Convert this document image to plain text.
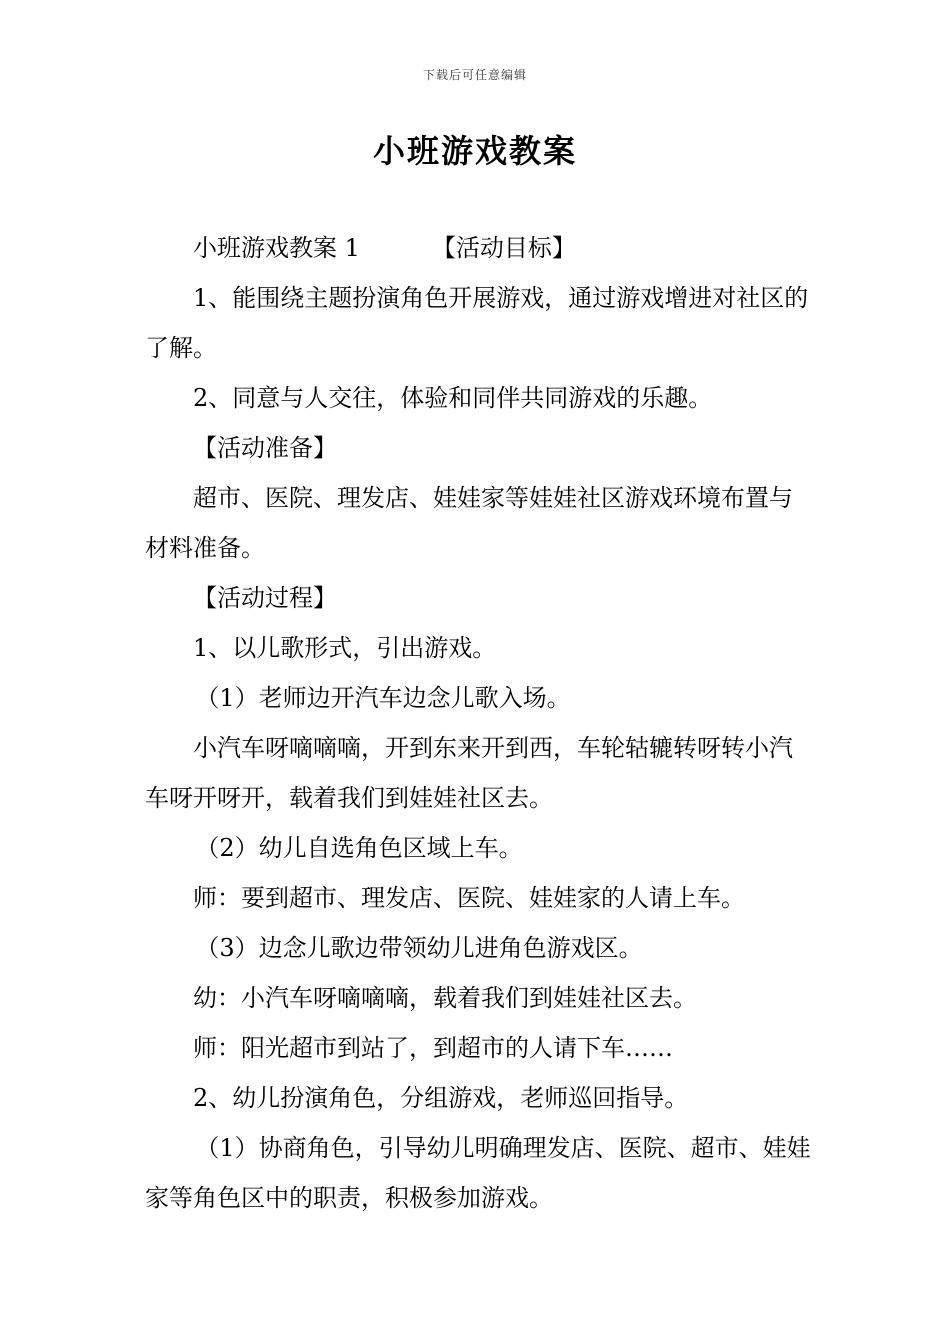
下载后可任意编辑
小班游戏教案

小班游戏教案 1	【活动目标】

1、能围绕主题扮演角色开展游戏，通过游戏增进对社区的了解。

2、同意与人交往，体验和同伴共同游戏的乐趣。

【活动准备】

超市、医院、理发店、娃娃家等娃娃社区游戏环境布置与材料准备。

【活动过程】

1、以儿歌形式，引出游戏。

（1）老师边开汽车边念儿歌入场。

小汽车呀嘀嘀嘀，开到东来开到西，车轮轱辘转呀转小汽车呀开呀开，载着我们到娃娃社区去。

（2）幼儿自选角色区域上车。

师：要到超市、理发店、医院、娃娃家的人请上车。

（3）边念儿歌边带领幼儿进角色游戏区。

幼：小汽车呀嘀嘀嘀，载着我们到娃娃社区去。

师：阳光超市到站了，到超市的人请下车……

2、幼儿扮演角色，分组游戏，老师巡回指导。

（1）协商角色，引导幼儿明确理发店、医院、超市、娃娃家等角色区中的职责，积极参加游戏。
